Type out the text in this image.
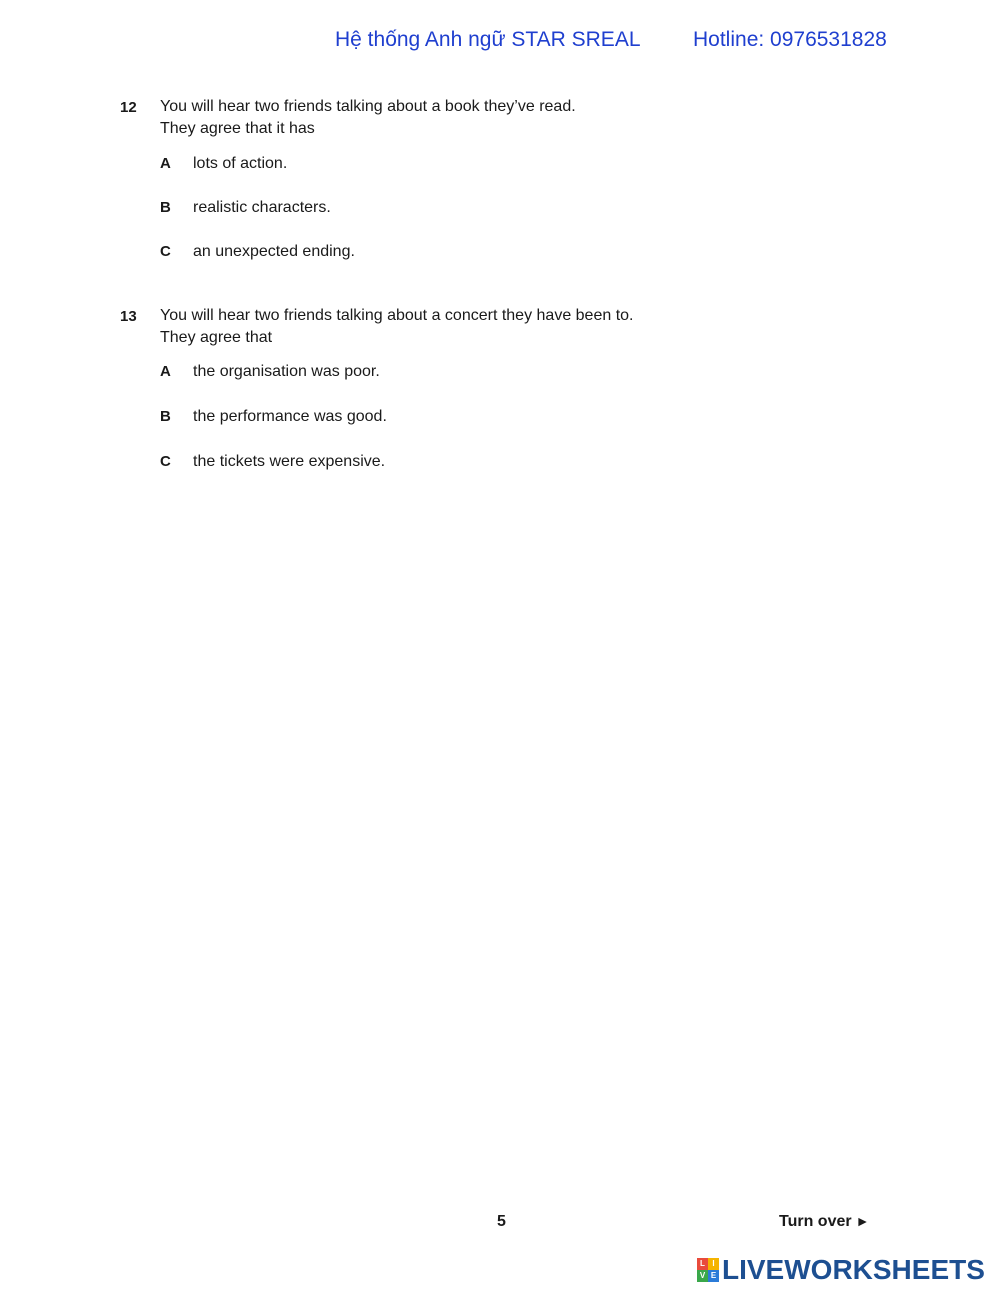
Hệ thống Anh ngữ STAR SREAL Hotline: 0976531828
12 You will hear two friends talking about a book they’ve read.
They agree that it has
A lots of action.
B realistic characters.
C an unexpected ending.
13 You will hear two friends talking about a concert they have been to.
They agree that
A the organisation was poor.
B the performance was good.
C the tickets were expensive.
5	Turn over ►
L I
V E LIVEWORKSHEETS
